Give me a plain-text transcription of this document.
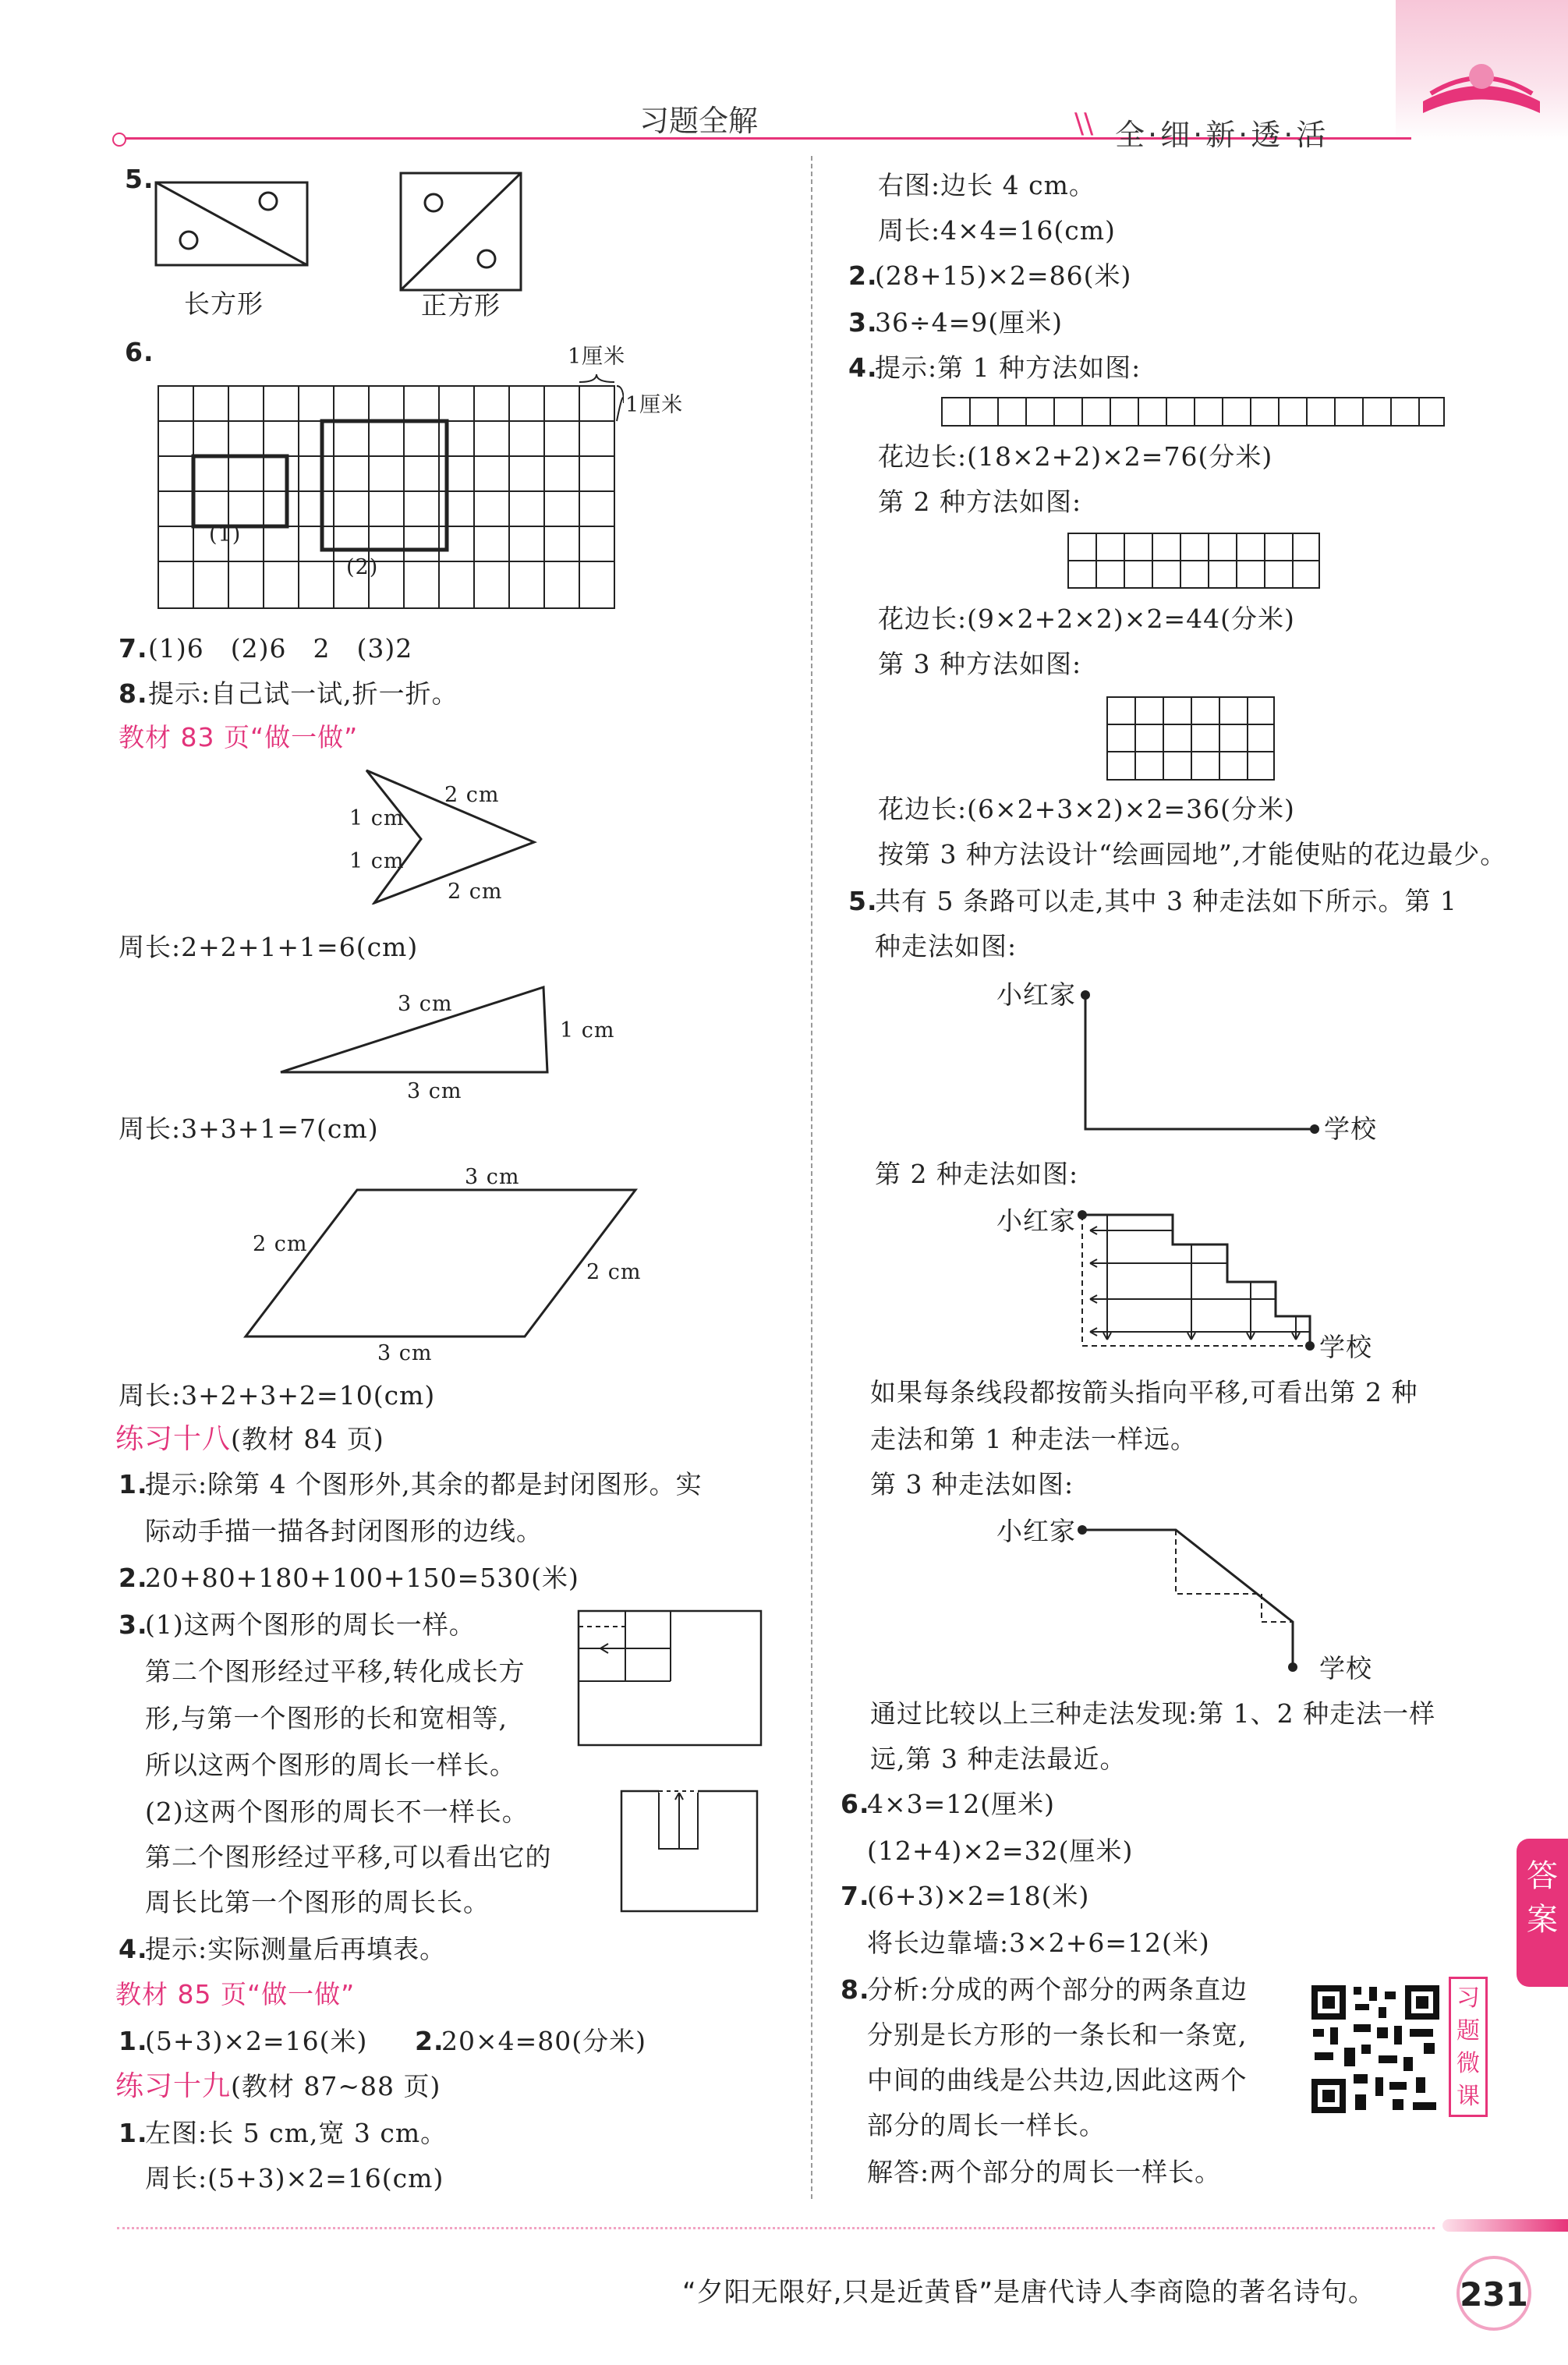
\\
习题全解	全·细·新·透·活
5.
长方形	正方形
6.	1厘米
1厘米
(1)
(2)
7. (1)6　(2)6　2　(3)2
8. 提示:自己试一试,折一折。
教材 83 页“做一做”
2 cm
1 cm
1 cm
2 cm
周长:2+2+1+1=6(cm)
3 cm
1 cm
3 cm
周长:3+3+1=7(cm)
3 cm
2 cm
2 cm
3 cm
周长:3+2+3+2=10(cm)
练习十八(教材 84 页)
1.
提示:除第 4 个图形外,其余的都是封闭图形。实
际动手描一描各封闭图形的边线。
2.
20+80+180+100+150=530(米)
3.
(1)这两个图形的周长一样。
第二个图形经过平移,转化成长方
形,与第一个图形的长和宽相等,
所以这两个图形的周长一样长。
(2)这两个图形的周长不一样长。
第二个图形经过平移,可以看出它的
周长比第一个图形的周长长。
4.
提示:实际测量后再填表。
教材 85 页“做一做”
1.
(5+3)×2=16(米) 2.
20×4=80(分米)
练习十九(教材 87~88 页)
1.
左图:长 5 cm,宽 3 cm。
周长:(5+3)×2=16(cm)
右图:边长 4 cm。
周长:4×4=16(cm)
2.
(28+15)×2=86(米)
3.
36÷4=9(厘米)
4.
提示:第 1 种方法如图:
花边长:(18×2+2)×2=76(分米)
第 2 种方法如图:
花边长:(9×2+2×2)×2=44(分米)
第 3 种方法如图:
花边长:(6×2+3×2)×2=36(分米)
按第 3 种方法设计“绘画园地”,才能使贴的花边最少。
5.
共有 5 条路可以走,其中 3 种走法如下所示。第 1
种走法如图:
小红家
学校
第 2 种走法如图:
小红家
学校
如果每条线段都按箭头指向平移,可看出第 2 种
走法和第 1 种走法一样远。
第 3 种走法如图:
小红家
学校
通过比较以上三种走法发现:第 1、2 种走法一样
远,第 3 种走法最近。
6.
4×3=12(厘米)
(12+4)×2=32(厘米)
7.
(6+3)×2=18(米)
将长边靠墙:3×2+6=12(米)
8.
分析:分成的两个部分的两条直边
分别是长方形的一条长和一条宽,
中间的曲线是公共边,因此这两个
部分的周长一样长。
解答:两个部分的周长一样长。
习题微课
答案
“夕阳无限好,只是近黄昏”是唐代诗人李商隐的著名诗句。	231
